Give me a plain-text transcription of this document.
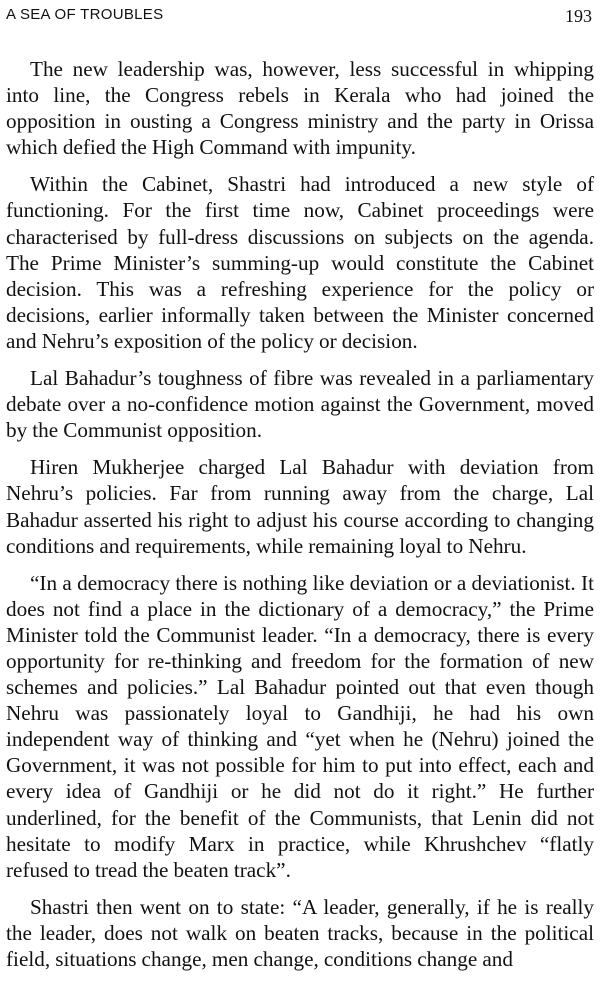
A SEA OF TROUBLES	193

The new leadership was, however, less successful in whipping into line, the Congress rebels in Kerala who had joined the opposition in ousting a Congress ministry and the party in Orissa which defied the High Command with impunity.

Within the Cabinet, Shastri had introduced a new style of functioning. For the first time now, Cabinet proceedings were characterised by full-dress discussions on subjects on the agenda. The Prime Minister’s summing-up would constitute the Cabinet decision. This was a refreshing experience for the policy or decisions, earlier informally taken between the Minister concerned and Nehru’s exposition of the policy or decision.

Lal Bahadur’s toughness of fibre was revealed in a parliamentary debate over a no-confidence motion against the Government, moved by the Communist opposition.

Hiren Mukherjee charged Lal Bahadur with deviation from Nehru’s policies. Far from running away from the charge, Lal Bahadur asserted his right to adjust his course according to changing conditions and requirements, while remaining loyal to Nehru.

“In a democracy there is nothing like deviation or a deviationist. It does not find a place in the dictionary of a democracy,” the Prime Minister told the Communist leader. “In a democracy, there is every opportunity for re-thinking and freedom for the formation of new schemes and policies.” Lal Bahadur pointed out that even though Nehru was passionately loyal to Gandhiji, he had his own independent way of thinking and “yet when he (Nehru) joined the Government, it was not possible for him to put into effect, each and every idea of Gandhiji or he did not do it right.” He further underlined, for the benefit of the Communists, that Lenin did not hesitate to modify Marx in practice, while Khrushchev “flatly refused to tread the beaten track”.

Shastri then went on to state: “A leader, generally, if he is really the leader, does not walk on beaten tracks, because in the political field, situations change, men change, conditions change and
